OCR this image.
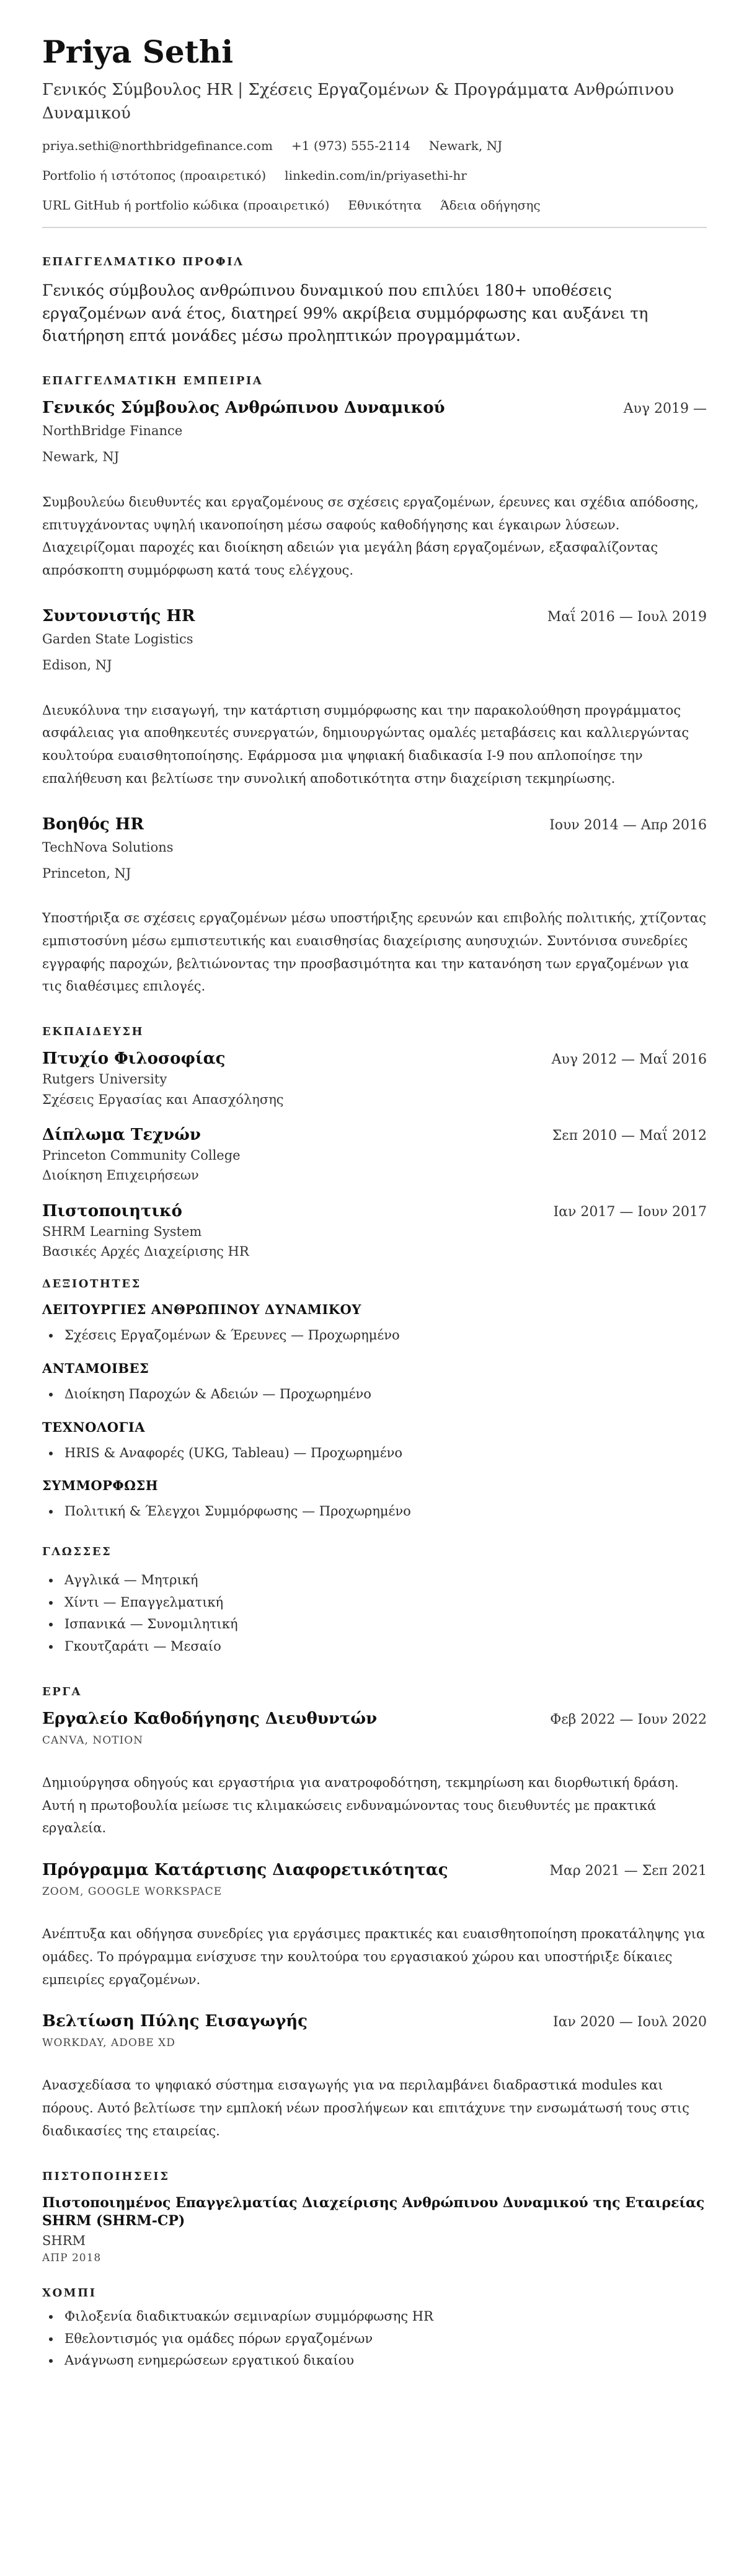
Priya Sethi
Γενικός Σύμβουλος HR | Σχέσεις Εργαζομένων & Προγράμματα Ανθρώπινου Δυναμικού
priya.sethi@northbridgefinance.com +1 (973) 555-2114 Newark, NJ
Portfolio ή ιστότοπος (προαιρετικό) linkedin.com/in/priyasethi-hr
URL GitHub ή portfolio κώδικα (προαιρετικό) Εθνικότητα Άδεια οδήγησης
ΕΠΑΓΓΕΛΜΑΤΙΚΟ ΠΡΟΦΙΛ
Γενικός σύμβουλος ανθρώπινου δυναμικού που επιλύει 180+ υποθέσεις εργαζομένων ανά έτος, διατηρεί 99% ακρίβεια συμμόρφωσης και αυξάνει τη διατήρηση επτά μονάδες μέσω προληπτικών προγραμμάτων.
ΕΠΑΓΓΕΛΜΑΤΙΚΗ ΕΜΠΕΙΡΙΑ
Γενικός Σύμβουλος Ανθρώπινου Δυναμικού	Αυγ 2019 —
NorthBridge Finance
Newark, NJ
Συμβουλεύω διευθυντές και εργαζομένους σε σχέσεις εργαζομένων, έρευνες και σχέδια απόδοσης, επιτυγχάνοντας υψηλή ικανοποίηση μέσω σαφούς καθοδήγησης και έγκαιρων λύσεων. Διαχειρίζομαι παροχές και διοίκηση αδειών για μεγάλη βάση εργαζομένων, εξασφαλίζοντας απρόσκοπτη συμμόρφωση κατά τους ελέγχους.
Συντονιστής HR	Μαΐ 2016 — Ιουλ 2019
Garden State Logistics
Edison, NJ
Διευκόλυνα την εισαγωγή, την κατάρτιση συμμόρφωσης και την παρακολούθηση προγράμματος ασφάλειας για αποθηκευτές συνεργατών, δημιουργώντας ομαλές μεταβάσεις και καλλιεργώντας κουλτούρα ευαισθητοποίησης. Εφάρμοσα μια ψηφιακή διαδικασία I-9 που απλοποίησε την επαλήθευση και βελτίωσε την συνολική αποδοτικότητα στην διαχείριση τεκμηρίωσης.
Βοηθός HR	Ιουν 2014 — Απρ 2016
TechNova Solutions
Princeton, NJ
Υποστήριξα σε σχέσεις εργαζομένων μέσω υποστήριξης ερευνών και επιβολής πολιτικής, χτίζοντας εμπιστοσύνη μέσω εμπιστευτικής και ευαισθησίας διαχείρισης αυησυχιών. Συντόνισα συνεδρίες εγγραφής παροχών, βελτιώνοντας την προσβασιμότητα και την κατανόηση των εργαζομένων για τις διαθέσιμες επιλογές.
ΕΚΠΑΙΔΕΥΣΗ
Πτυχίο Φιλοσοφίας	Αυγ 2012 — Μαΐ 2016
Rutgers University
Σχέσεις Εργασίας και Απασχόλησης
Δίπλωμα Τεχνών	Σεπ 2010 — Μαΐ 2012
Princeton Community College
Διοίκηση Επιχειρήσεων
Πιστοποιητικό	Ιαν 2017 — Ιουν 2017
SHRM Learning System
Βασικές Αρχές Διαχείρισης HR
ΔΕΞΙΟΤΗΤΕΣ
ΛΕΙΤΟΥΡΓΙΕΣ ΑΝΘΡΩΠΙΝΟΥ ΔΥΝΑΜΙΚΟΥ
• Σχέσεις Εργαζομένων & Έρευνες — Προχωρημένο
ΑΝΤΑΜΟΙΒΕΣ
• Διοίκηση Παροχών & Αδειών — Προχωρημένο
ΤΕΧΝΟΛΟΓΙΑ
• HRIS & Αναφορές (UKG, Tableau) — Προχωρημένο
ΣΥΜΜΟΡΦΩΣΗ
• Πολιτική & Έλεγχοι Συμμόρφωσης — Προχωρημένο
ΓΛΩΣΣΕΣ
• Αγγλικά — Μητρική
• Χίντι — Επαγγελματική
• Ισπανικά — Συνομιλητική
• Γκουτζαράτι — Μεσαίο
ΕΡΓΑ
Εργαλείο Καθοδήγησης Διευθυντών	Φεβ 2022 — Ιουν 2022
CANVA, NOTION
Δημιούργησα οδηγούς και εργαστήρια για ανατροφοδότηση, τεκμηρίωση και διορθωτική δράση. Αυτή η πρωτοβουλία μείωσε τις κλιμακώσεις ενδυναμώνοντας τους διευθυντές με πρακτικά εργαλεία.
Πρόγραμμα Κατάρτισης Διαφορετικότητας	Μαρ 2021 — Σεπ 2021
ZOOM, GOOGLE WORKSPACE
Ανέπτυξα και οδήγησα συνεδρίες για εργάσιμες πρακτικές και ευαισθητοποίηση προκατάληψης για ομάδες. Το πρόγραμμα ενίσχυσε την κουλτούρα του εργασιακού χώρου και υποστήριξε δίκαιες εμπειρίες εργαζομένων.
Βελτίωση Πύλης Εισαγωγής	Ιαν 2020 — Ιουλ 2020
WORKDAY, ADOBE XD
Ανασχεδίασα το ψηφιακό σύστημα εισαγωγής για να περιλαμβάνει διαδραστικά modules και πόρους. Αυτό βελτίωσε την εμπλοκή νέων προσλήψεων και επιτάχυνε την ενσωμάτωσή τους στις διαδικασίες της εταιρείας.
ΠΙΣΤΟΠΟΙΗΣΕΙΣ
Πιστοποιημένος Επαγγελματίας Διαχείρισης Ανθρώπινου Δυναμικού της Εταιρείας SHRM (SHRM-CP)
SHRM
ΑΠΡ 2018
ΧΟΜΠΙ
• Φιλοξενία διαδικτυακών σεμιναρίων συμμόρφωσης HR
• Εθελοντισμός για ομάδες πόρων εργαζομένων
• Ανάγνωση ενημερώσεων εργατικού δικαίου
